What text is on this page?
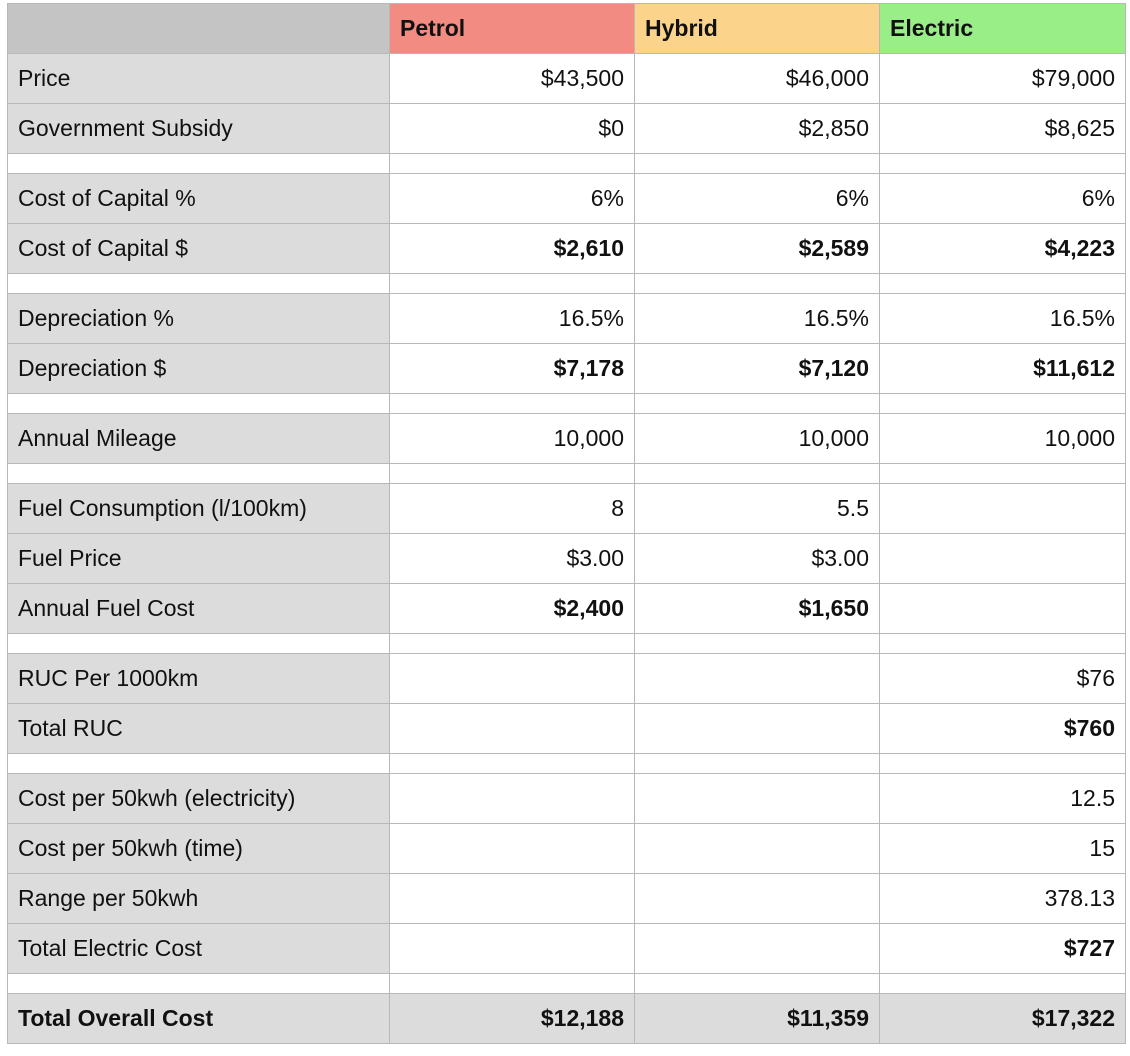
	Petrol	Hybrid	Electric
Price	$43,500	$46,000	$79,000
Government Subsidy	$0	$2,850	$8,625

Cost of Capital %	6%	6%	6%
Cost of Capital $	$2,610	$2,589	$4,223

Depreciation %	16.5%	16.5%	16.5%
Depreciation $	$7,178	$7,120	$11,612

Annual Mileage	10,000	10,000	10,000

Fuel Consumption (l/100km)	8	5.5	
Fuel Price	$3.00	$3.00	
Annual Fuel Cost	$2,400	$1,650	

RUC Per 1000km			$76
Total RUC			$760

Cost per 50kwh (electricity)			12.5
Cost per 50kwh (time)			15
Range per 50kwh			378.13
Total Electric Cost			$727

Total Overall Cost	$12,188	$11,359	$17,322
